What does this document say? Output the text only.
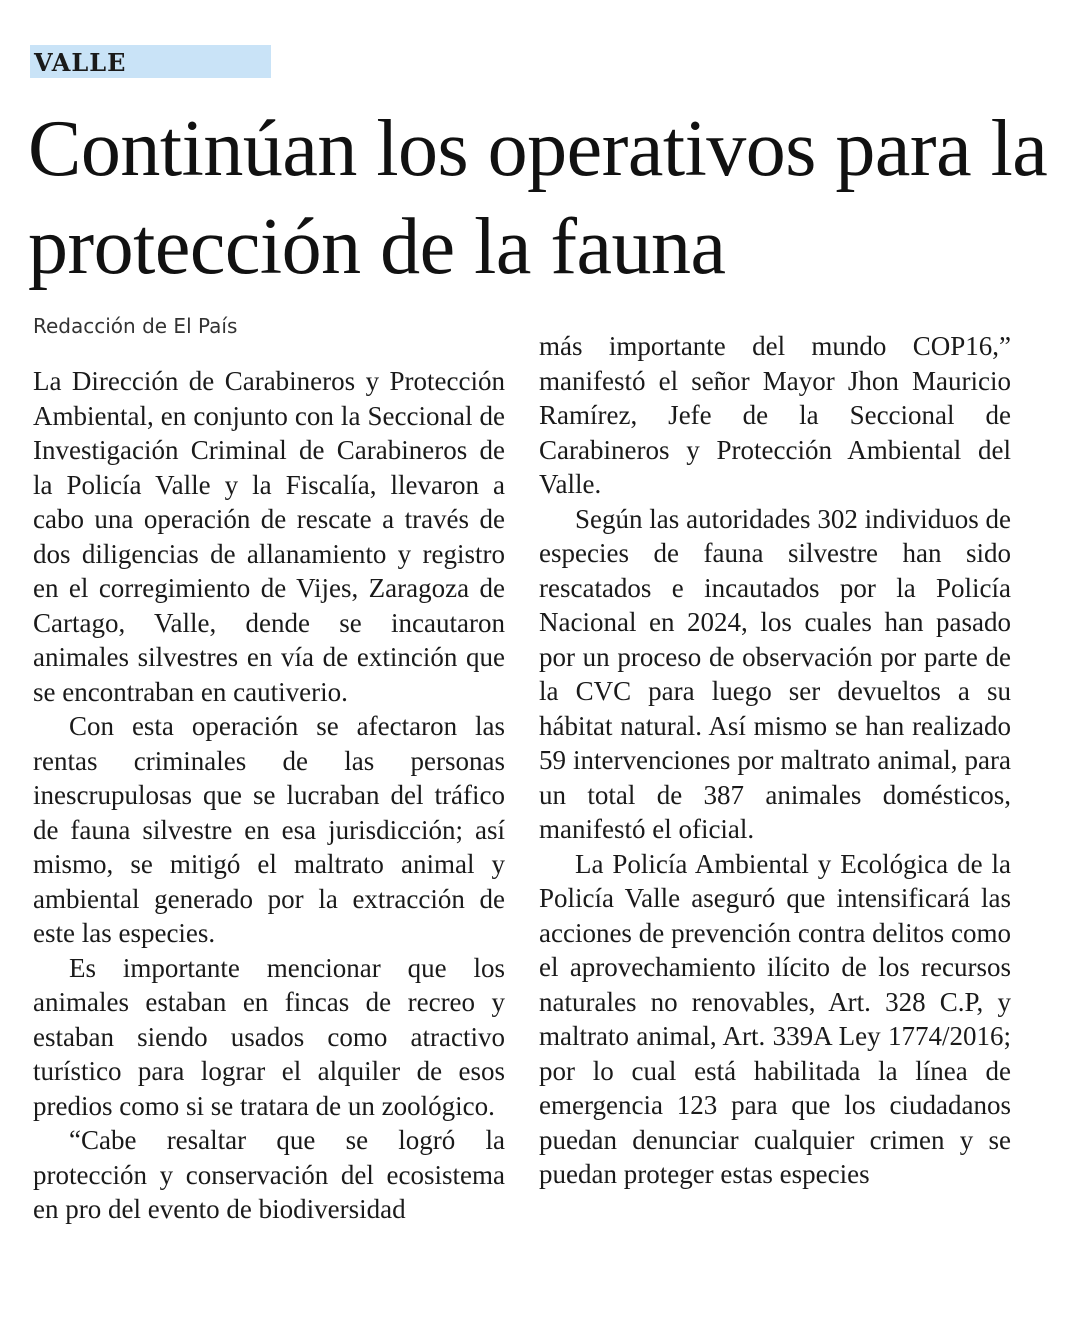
VALLE
Continúan los operativos para la protección de la fauna
Redacción de El País

La Dirección de Carabineros y Protección Ambiental, en conjunto con la Seccional de Investigación Criminal de Carabineros de la Policía Valle y la Fiscalía, llevaron a cabo una operación de rescate a través de dos diligencias de allanamiento y registro en el corregimiento de Vijes, Zaragoza de Cartago, Valle, dende se incautaron animales silvestres en vía de extinción que se encontraban en cautiverio.

Con esta operación se afectaron las rentas criminales de las personas inescrupulosas que se lucraban del tráfico de fauna silvestre en esa jurisdicción; así mismo, se mitigó el maltrato animal y ambiental generado por la extracción de este las especies.

Es importante mencionar que los animales estaban en fincas de recreo y estaban siendo usados como atractivo turístico para lograr el alquiler de esos predios como si se tratara de un zoológico.

“Cabe resaltar que se logró la protección y conservación del ecosistema en pro del evento de biodiversidad

más importante del mundo COP16,” manifestó el señor Mayor Jhon Mauricio Ramírez, Jefe de la Seccional de Carabineros y Protección Ambiental del Valle.

Según las autoridades 302 individuos de especies de fauna silvestre han sido rescatados e incautados por la Policía Nacional en 2024, los cuales han pasado por un proceso de observación por parte de la CVC para luego ser devueltos a su hábitat natural. Así mismo se han realizado 59 intervenciones por maltrato animal, para un total de 387 animales domésticos, manifestó el oficial.

La Policía Ambiental y Ecológica de la Policía Valle aseguró que intensificará las acciones de prevención contra delitos como el aprovechamiento ilícito de los recursos naturales no renovables, Art. 328 C.P, y maltrato animal, Art. 339A Ley 1774/2016; por lo cual está habilitada la línea de emergencia 123 para que los ciudadanos puedan denunciar cualquier crimen y se puedan proteger estas especies
